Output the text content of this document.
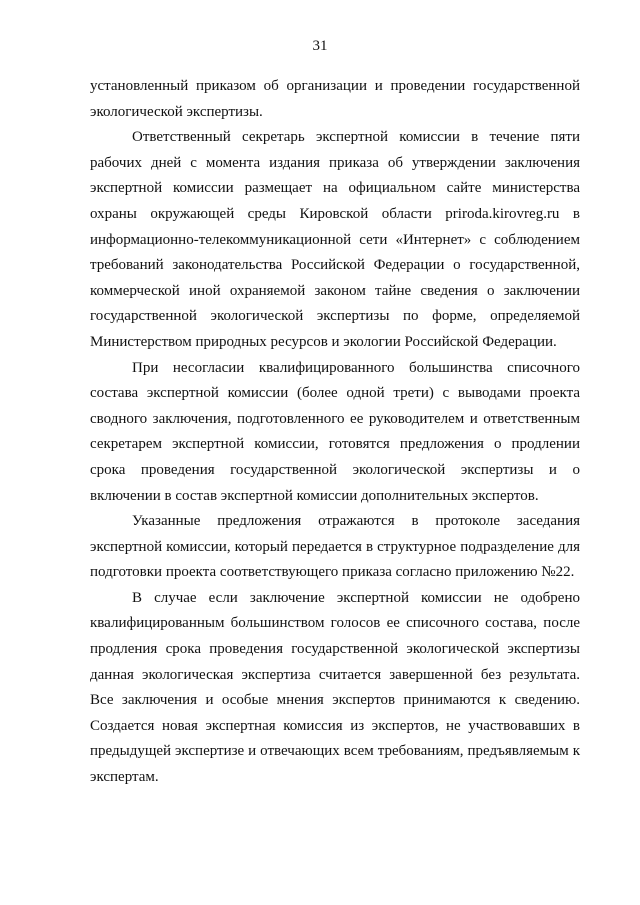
31

установленный приказом об организации и проведении государственной экологической экспертизы.

Ответственный секретарь экспертной комиссии в течение пяти рабочих дней с момента издания приказа об утверждении заключения экспертной комиссии размещает на официальном сайте министерства охраны окружающей среды Кировской области priroda.kirovreg.ru в информационно-телекоммуникационной сети «Интернет» с соблюдением требований законодательства Российской Федерации о государственной, коммерческой иной охраняемой законом тайне сведения о заключении государственной экологической экспертизы по форме, определяемой Министерством природных ресурсов и экологии Российской Федерации.

При несогласии квалифицированного большинства списочного состава экспертной комиссии (более одной трети) с выводами проекта сводного заключения, подготовленного ее руководителем и ответственным секретарем экспертной комиссии, готовятся предложения о продлении срока проведения государственной экологической экспертизы и о включении в состав экспертной комиссии дополнительных экспертов.

Указанные предложения отражаются в протоколе заседания экспертной комиссии, который передается в структурное подразделение для подготовки проекта соответствующего приказа согласно приложению №22.

В случае если заключение экспертной комиссии не одобрено квалифицированным большинством голосов ее списочного состава, после продления срока проведения государственной экологической экспертизы данная экологическая экспертиза считается завершенной без результата. Все заключения и особые мнения экспертов принимаются к сведению. Создается новая экспертная комиссия из экспертов, не участвовавших в предыдущей экспертизе и отвечающих всем требованиям, предъявляемым к экспертам.
